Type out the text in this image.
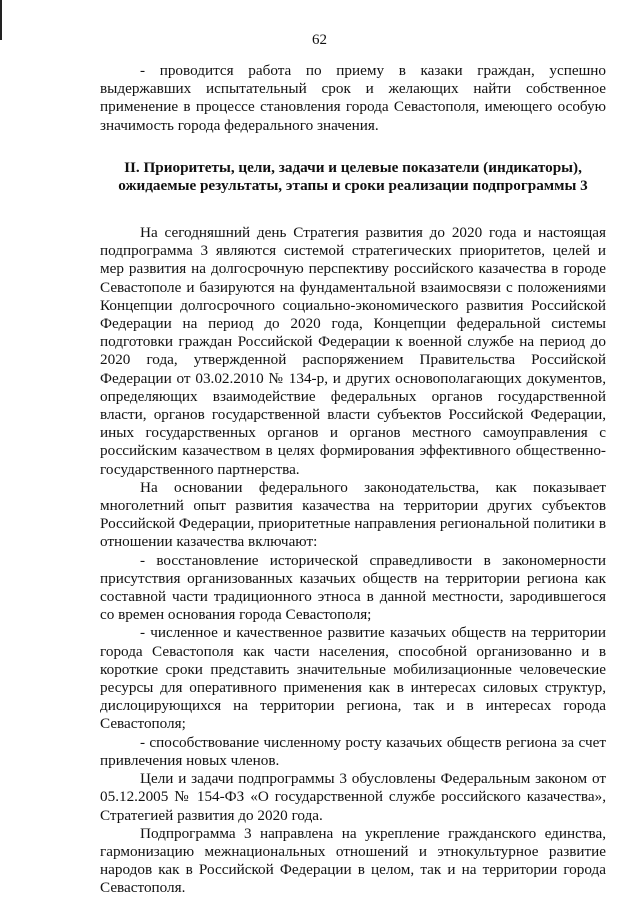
62

- проводится работа по приему в казаки граждан, успешно выдержавших испытательный срок и желающих найти собственное применение в процессе становления города Севастополя, имеющего особую значимость города федерального значения.

II. Приоритеты, цели, задачи и целевые показатели (индикаторы),
ожидаемые результаты, этапы и сроки реализации подпрограммы 3

На сегодняшний день Стратегия развития до 2020 года и настоящая подпрограмма 3 являются системой стратегических приоритетов, целей и мер развития на долгосрочную перспективу российского казачества в городе Севастополе и базируются на фундаментальной взаимосвязи с положениями Концепции долгосрочного социально-экономического развития Российской Федерации на период до 2020 года, Концепции федеральной системы подготовки граждан Российской Федерации к военной службе на период до 2020 года, утвержденной распоряжением Правительства Российской Федерации от 03.02.2010 № 134-р, и других основополагающих документов, определяющих взаимодействие федеральных органов государственной власти, органов государственной власти субъектов Российской Федерации, иных государственных органов и органов местного самоуправления с российским казачеством в целях формирования эффективного общественно-государственного партнерства.

На основании федерального законодательства, как показывает многолетний опыт развития казачества на территории других субъектов Российской Федерации, приоритетные направления региональной политики в отношении казачества включают:

- восстановление исторической справедливости в закономерности присутствия организованных казачьих обществ на территории региона как составной части традиционного этноса в данной местности, зародившегося со времен основания города Севастополя;

- численное и качественное развитие казачьих обществ на территории города Севастополя как части населения, способной организованно и в короткие сроки представить значительные мобилизационные человеческие ресурсы для оперативного применения как в интересах силовых структур, дислоцирующихся на территории региона, так и в интересах города Севастополя;

- способствование численному росту казачьих обществ региона за счет привлечения новых членов.

Цели и задачи подпрограммы 3 обусловлены Федеральным законом от 05.12.2005 № 154-ФЗ «О государственной службе российского казачества», Стратегией развития до 2020 года.

Подпрограмма 3 направлена на укрепление гражданского единства, гармонизацию межнациональных отношений и этнокультурное развитие народов как в Российской Федерации в целом, так и на территории города Севастополя.
